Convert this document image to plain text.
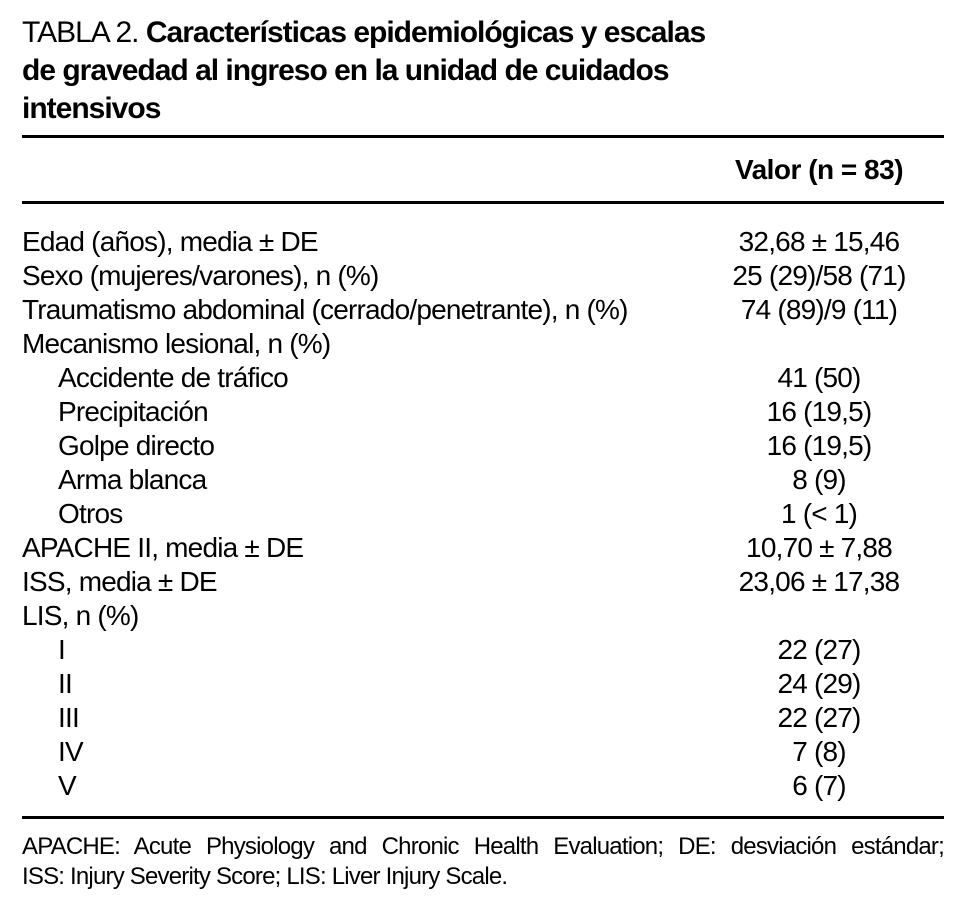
TABLA 2. Características epidemiológicas y escalas
de gravedad al ingreso en la unidad de cuidados
intensivos
Valor (n = 83)
Edad (años), media ± DE	32,68 ± 15,46
Sexo (mujeres/varones), n (%)	25 (29)/58 (71)
Traumatismo abdominal (cerrado/penetrante), n (%)	74 (89)/9 (11)
Mecanismo lesional, n (%)	
Accidente de tráfico	41 (50)
Precipitación	16 (19,5)
Golpe directo	16 (19,5)
Arma blanca	8 (9)
Otros	1 (< 1)
APACHE II, media ± DE	10,70 ± 7,88
ISS, media ± DE	23,06 ± 17,38
LIS, n (%)	
I	22 (27)
II	24 (29)
III	22 (27)
IV	7 (8)
V	6 (7)
APACHE: Acute Physiology and Chronic Health Evaluation; DE: desviación estándar;
ISS: Injury Severity Score; LIS: Liver Injury Scale.
